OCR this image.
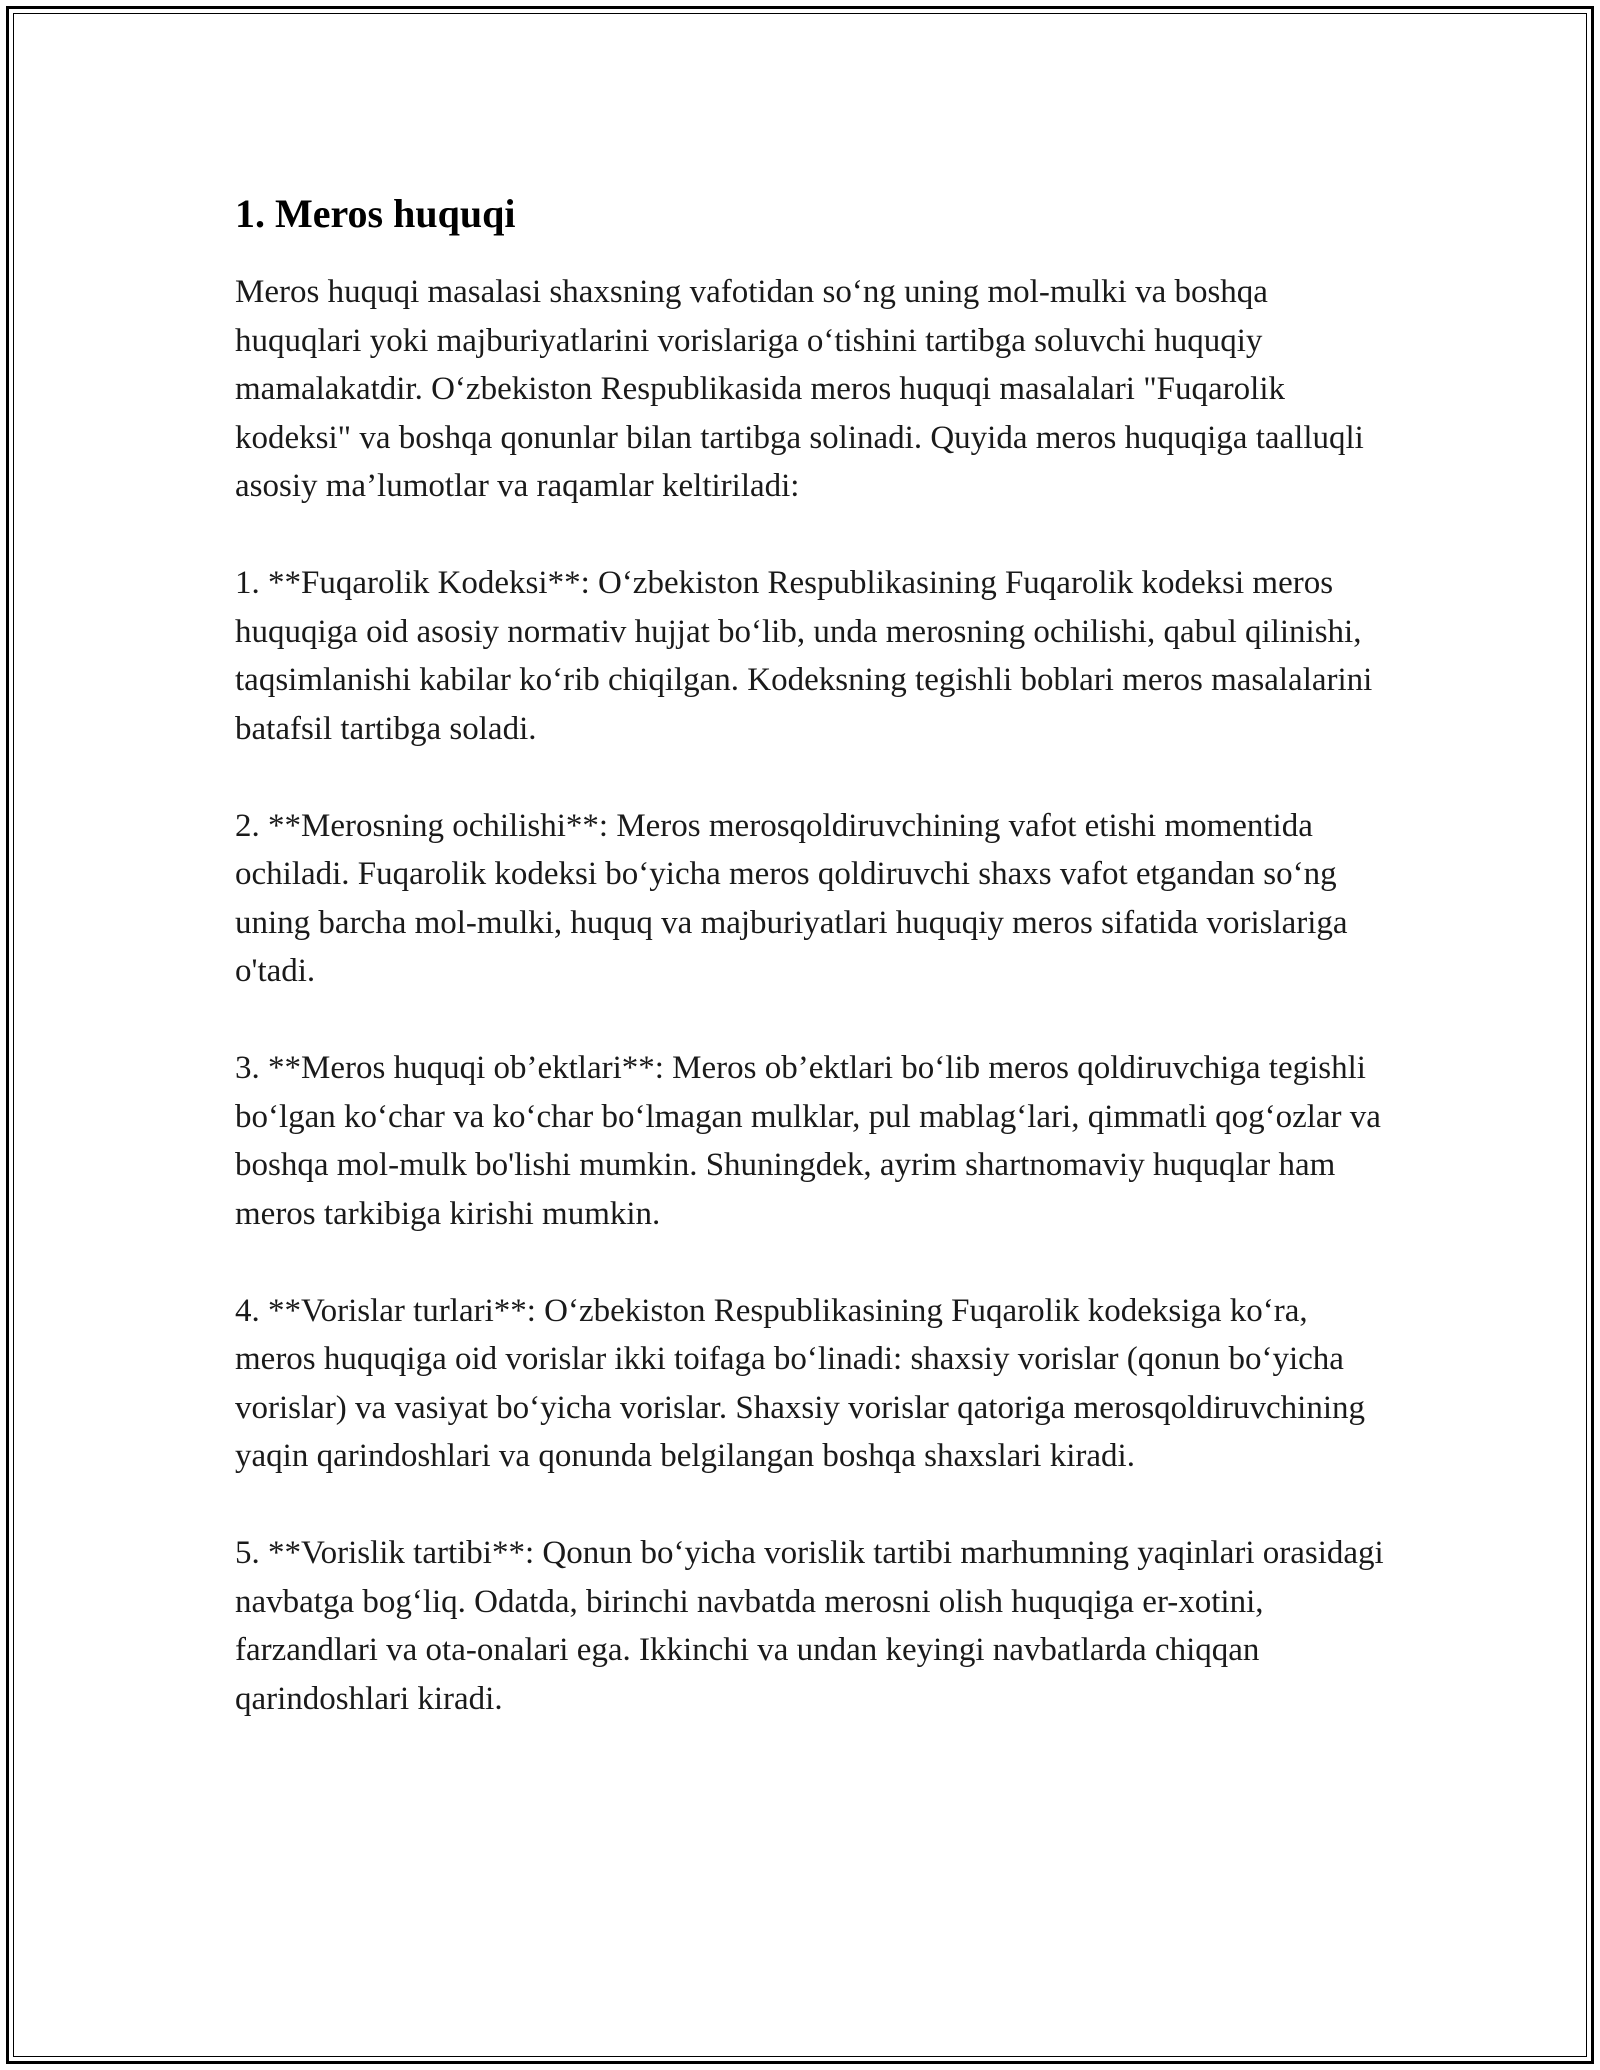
1. Meros huquqi

Meros huquqi masalasi shaxsning vafotidan so‘ng uning mol-mulki va boshqa huquqlari yoki majburiyatlarini vorislariga o‘tishini tartibga soluvchi huquqiy mamalakatdir. O‘zbekiston Respublikasida meros huquqi masalalari "Fuqarolik kodeksi" va boshqa qonunlar bilan tartibga solinadi. Quyida meros huquqiga taalluqli asosiy ma’lumotlar va raqamlar keltiriladi:

1. **Fuqarolik Kodeksi**: O‘zbekiston Respublikasining Fuqarolik kodeksi meros huquqiga oid asosiy normativ hujjat bo‘lib, unda merosning ochilishi, qabul qilinishi, taqsimlanishi kabilar ko‘rib chiqilgan. Kodeksning tegishli boblari meros masalalarini batafsil tartibga soladi.

2. **Merosning ochilishi**: Meros merosqoldiruvchining vafot etishi momentida ochiladi. Fuqarolik kodeksi bo‘yicha meros qoldiruvchi shaxs vafot etgandan so‘ng uning barcha mol-mulki, huquq va majburiyatlari huquqiy meros sifatida vorislariga o'tadi.

3. **Meros huquqi ob’ektlari**: Meros ob’ektlari bo‘lib meros qoldiruvchiga tegishli bo‘lgan ko‘char va ko‘char bo‘lmagan mulklar, pul mablag‘lari, qimmatli qog‘ozlar va boshqa mol-mulk bo'lishi mumkin. Shuningdek, ayrim shartnomaviy huquqlar ham meros tarkibiga kirishi mumkin.

4. **Vorislar turlari**: O‘zbekiston Respublikasining Fuqarolik kodeksiga ko‘ra, meros huquqiga oid vorislar ikki toifaga bo‘linadi: shaxsiy vorislar (qonun bo‘yicha vorislar) va vasiyat bo‘yicha vorislar. Shaxsiy vorislar qatoriga merosqoldiruvchining yaqin qarindoshlari va qonunda belgilangan boshqa shaxslari kiradi.

5. **Vorislik tartibi**: Qonun bo‘yicha vorislik tartibi marhumning yaqinlari orasidagi navbatga bog‘liq. Odatda, birinchi navbatda merosni olish huquqiga er-xotini, farzandlari va ota-onalari ega. Ikkinchi va undan keyingi navbatlarda chiqqan qarindoshlari kiradi.
